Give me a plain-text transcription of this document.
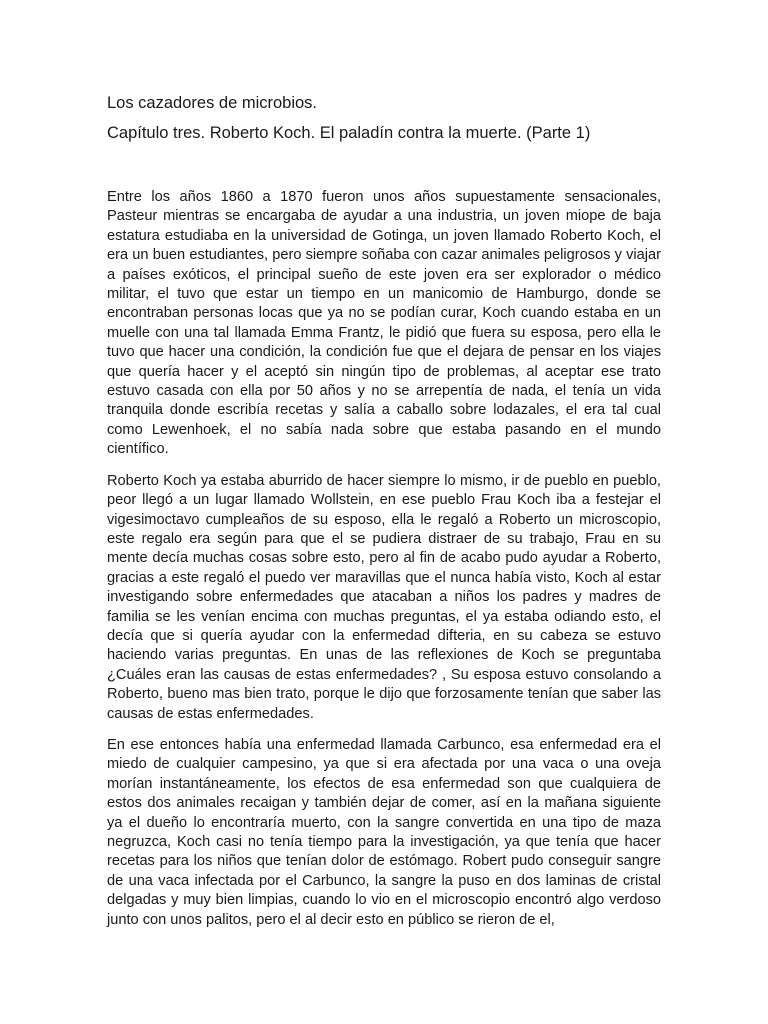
Los cazadores de microbios.
Capítulo tres. Roberto Koch. El paladín contra la muerte. (Parte 1)

Entre los años 1860 a 1870 fueron unos años supuestamente sensacionales, Pasteur mientras se encargaba de ayudar a una industria, un joven miope de baja estatura estudiaba en la universidad de Gotinga, un joven llamado Roberto Koch, el era un buen estudiantes, pero siempre soñaba con cazar animales peligrosos y viajar a países exóticos, el principal sueño de este joven era ser explorador o médico militar, el tuvo que estar un tiempo en un manicomio de Hamburgo, donde se encontraban personas locas que ya no se podían curar, Koch cuando estaba en un muelle con una tal llamada Emma Frantz, le pidió que fuera su esposa, pero ella le tuvo que hacer una condición, la condición fue que el dejara de pensar en los viajes que quería hacer y el aceptó sin ningún tipo de problemas, al aceptar ese trato estuvo casada con ella por 50 años y no se arrepentía de nada, el tenía un vida tranquila donde escribía recetas y salía a caballo sobre lodazales, el era tal cual como Lewenhoek, el no sabía nada sobre que estaba pasando en el mundo científico.

Roberto Koch ya estaba aburrido de hacer siempre lo mismo, ir de pueblo en pueblo, peor llegó a un lugar llamado Wollstein, en ese pueblo Frau Koch iba a festejar el vigesimoctavo cumpleaños de su esposo, ella le regaló a Roberto un microscopio, este regalo era según para que el se pudiera distraer de su trabajo, Frau en su mente decía muchas cosas sobre esto, pero al fin de acabo pudo ayudar a Roberto, gracias a este regaló el puedo ver maravillas que el nunca había visto, Koch al estar investigando sobre enfermedades que atacaban a niños los padres y madres de familia se les venían encima con muchas preguntas, el ya estaba odiando esto, el decía que si quería ayudar con la enfermedad difteria, en su cabeza se estuvo haciendo varias preguntas. En unas de las reflexiones de Koch se preguntaba ¿Cuáles eran las causas de estas enfermedades? , Su esposa estuvo consolando a Roberto, bueno mas bien trato, porque le dijo que forzosamente tenían que saber las causas de estas enfermedades.

En ese entonces había una enfermedad llamada Carbunco, esa enfermedad era el miedo de cualquier campesino, ya que si era afectada por una vaca o una oveja morían instantáneamente, los efectos de esa enfermedad son que cualquiera de estos dos animales recaigan y también dejar de comer, así en la mañana siguiente ya el dueño lo encontraría muerto, con la sangre convertida en una tipo de maza negruzca, Koch casi no tenía tiempo para la investigación, ya que tenía que hacer recetas para los niños que tenían dolor de estómago. Robert pudo conseguir sangre de una vaca infectada por el Carbunco, la sangre la puso en dos laminas de cristal delgadas y muy bien limpias, cuando lo vio en el microscopio encontró algo verdoso junto con unos palitos, pero el al decir esto en público se rieron de el,
